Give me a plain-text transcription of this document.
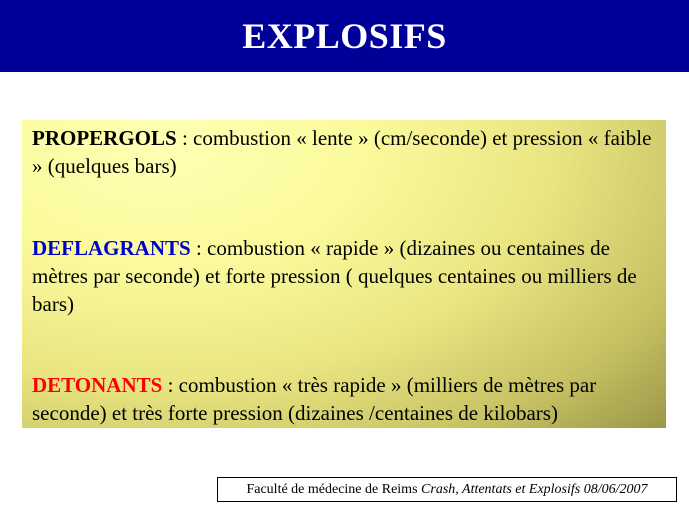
EXPLOSIFS

PROPERGOLS : combustion « lente » (cm/seconde) et pression « faible » (quelques bars)

DEFLAGRANTS : combustion « rapide » (dizaines ou centaines de mètres par seconde) et forte pression ( quelques centaines ou milliers de bars)

DETONANTS : combustion « très rapide » (milliers de mètres par seconde) et très forte pression (dizaines /centaines de kilobars)

Faculté de médecine de Reims Crash, Attentats et Explosifs 08/06/2007
